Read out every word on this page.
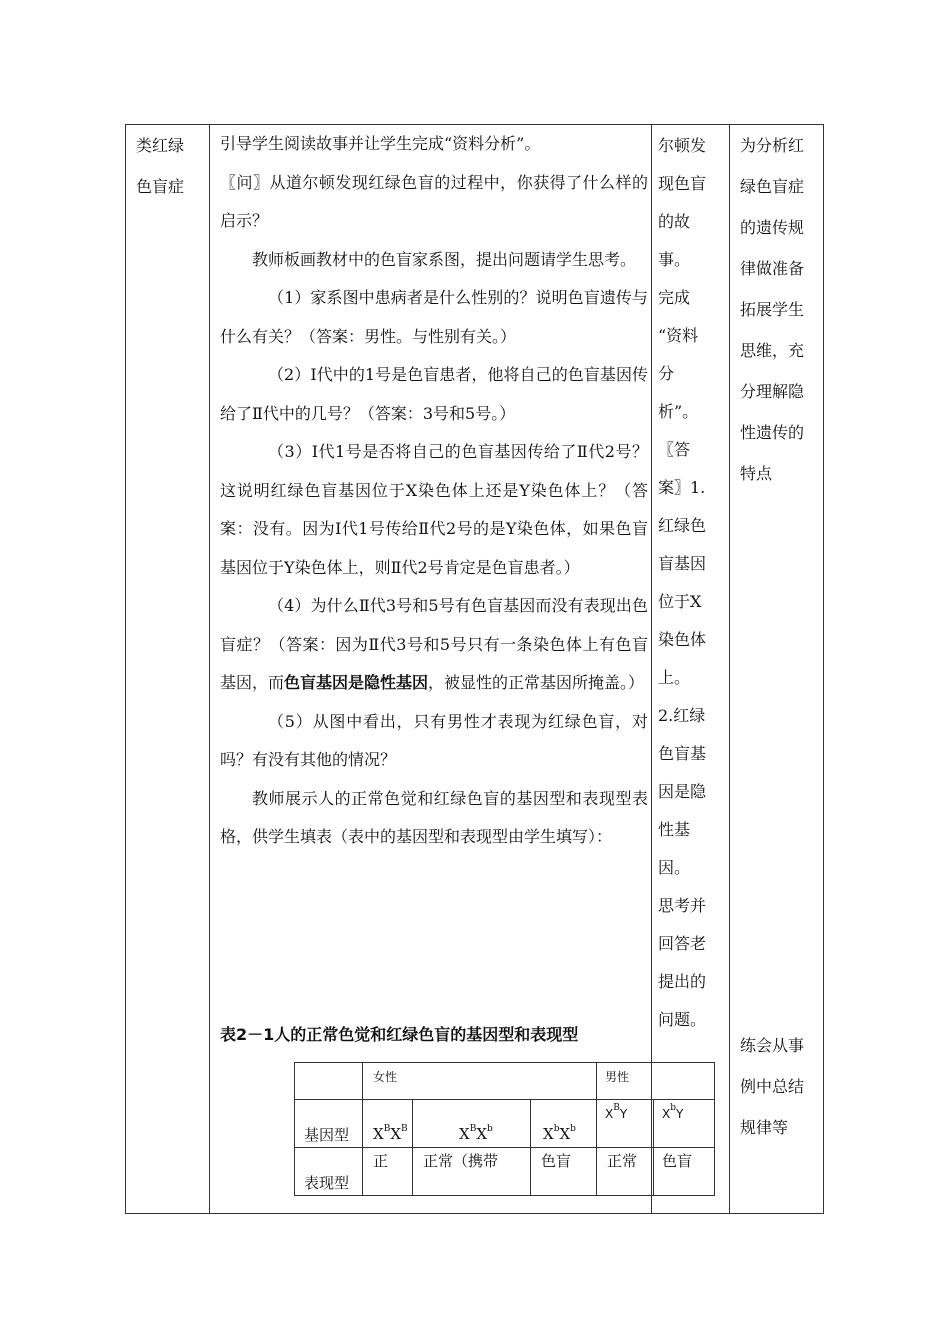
类红绿
色盲症

引导学生阅读故事并让学生完成“资料分析”。

〖问〗从道尔顿发现红绿色盲的过程中，你获得了什么样的启示？

教师板画教材中的色盲家系图，提出问题请学生思考。

（1）家系图中患病者是什么性别的？说明色盲遗传与什么有关？（答案：男性。与性别有关。）

（2）Ⅰ代中的1号是色盲患者，他将自己的色盲基因传给了Ⅱ代中的几号？（答案：3号和5号。）

（3）Ⅰ代1号是否将自己的色盲基因传给了Ⅱ代2号？这说明红绿色盲基因位于X染色体上还是Y染色体上？（答案：没有。因为Ⅰ代1号传给Ⅱ代2号的是Y染色体，如果色盲基因位于Y染色体上，则Ⅱ代2号肯定是色盲患者。）

（4）为什么Ⅱ代3号和5号有色盲基因而没有表现出色盲症？（答案：因为Ⅱ代3号和5号只有一条染色体上有色盲基因，而色盲基因是隐性基因，被显性的正常基因所掩盖。）

（5）从图中看出，只有男性才表现为红绿色盲，对吗？有没有其他的情况？

教师展示人的正常色觉和红绿色盲的基因型和表现型表格，供学生填表（表中的基因型和表现型由学生填写）：

表2－1人的正常色觉和红绿色盲的基因型和表现型
	女性			男性	
基因型	$X^BX^B$	$X^BX^b$	$X^bX^b$	$X^BY$	$X^bY$
表现型	正	正常（携带	色盲	正常	色盲
尔顿发
现色盲
的故
事。
完成
“资料
分
析”。
〖答
案〗1.
红绿色
盲基因
位于X
染色体
上。
2.红绿
色盲基
因是隐
性基
因。
思考并
回答老
提出的
问题。
为分析红
绿色盲症
的遗传规
律做准备
拓展学生
思维，充
分理解隐
性遗传的
特点
练会从事
例中总结
规律等
